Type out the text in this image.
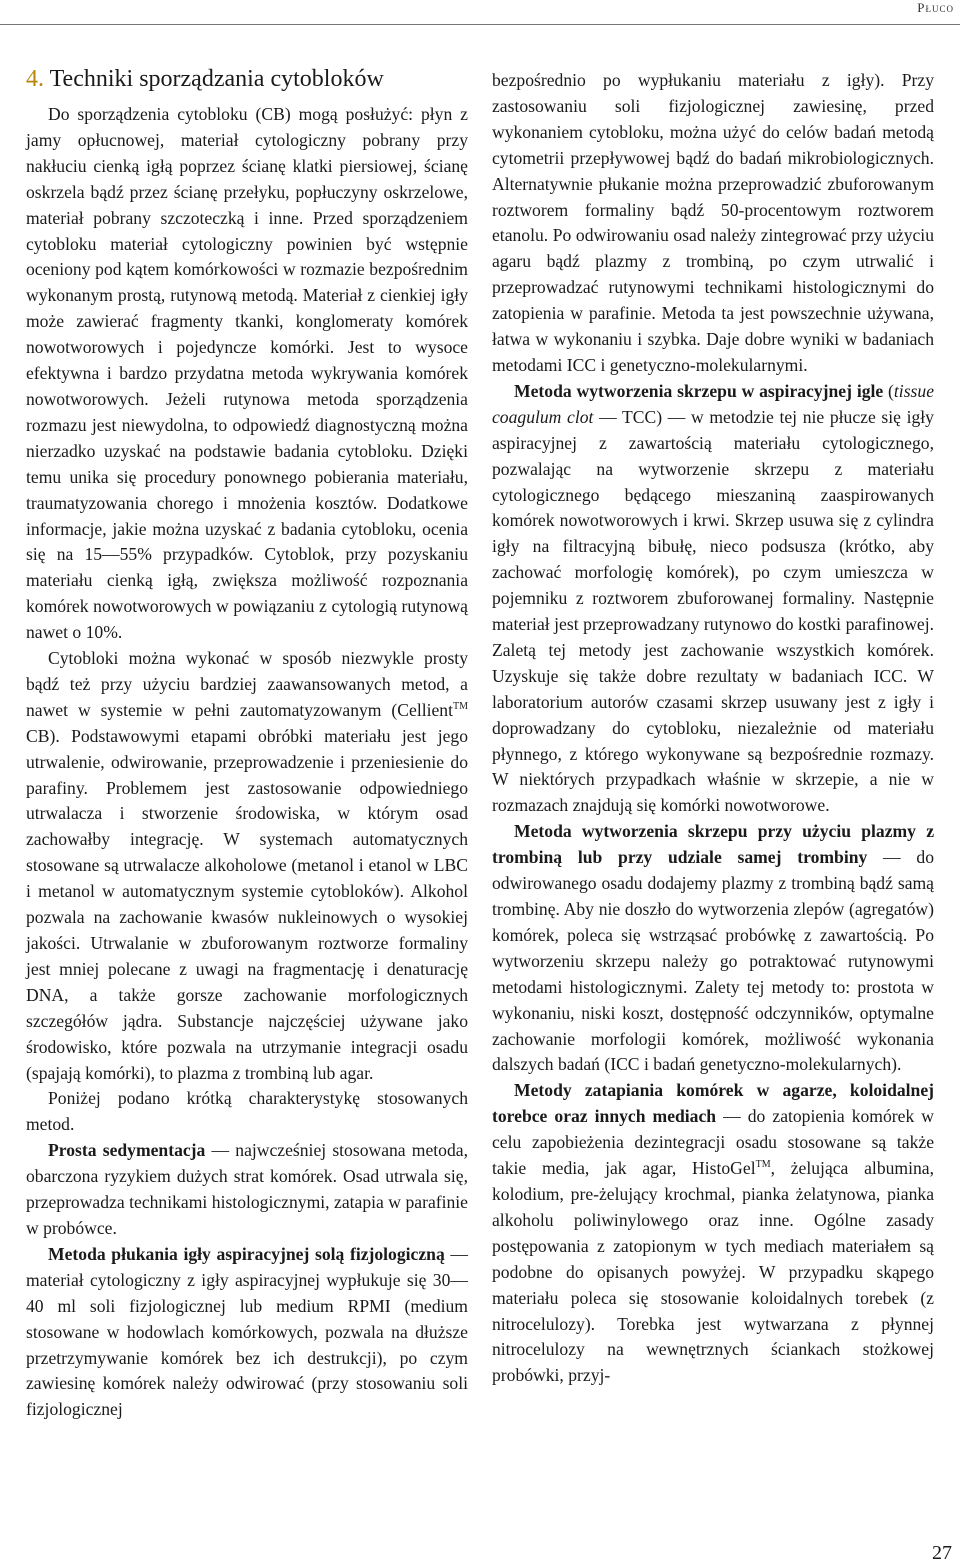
Płuco
4. Techniki sporządzania cytobloków

Do sporządzenia cytobloku (CB) mogą posłużyć: płyn z jamy opłucnowej, materiał cytologiczny pobrany przy nakłuciu cienką igłą poprzez ścianę klatki piersiowej, ścianę oskrzela bądź przez ścianę przełyku, popłuczyny oskrzelowe, materiał pobrany szczoteczką i inne. Przed sporządzeniem cytobloku materiał cytologiczny powinien być wstępnie oceniony pod kątem komórkowości w rozmazie bezpośrednim wykonanym prostą, rutynową metodą. Materiał z cienkiej igły może zawierać fragmenty tkanki, konglomeraty komórek nowotworowych i pojedyncze komórki. Jest to wysoce efektywna i bardzo przydatna metoda wykrywania komórek nowotworowych. Jeżeli rutynowa metoda sporządzenia rozmazu jest niewydolna, to odpowiedź diagnostyczną można nierzadko uzyskać na podstawie badania cytobloku. Dzięki temu unika się procedury ponownego pobierania materiału, traumatyzowania chorego i mnożenia kosztów. Dodatkowe informacje, jakie można uzyskać z badania cytobloku, ocenia się na 15—55% przypadków. Cytoblok, przy pozyskaniu materiału cienką igłą, zwiększa możliwość rozpoznania komórek nowotworowych w powiązaniu z cytologią rutynową nawet o 10%.

Cytobloki można wykonać w sposób niezwykle prosty bądź też przy użyciu bardziej zaawansowanych metod, a nawet w systemie w pełni zautomatyzowanym (Cellient™ CB). Podstawowymi etapami obróbki materiału jest jego utrwalenie, odwirowanie, przeprowadzenie i przeniesienie do parafiny. Problemem jest zastosowanie odpowiedniego utrwalacza i stworzenie środowiska, w którym osad zachowałby integrację. W systemach automatycznych stosowane są utrwalacze alkoholowe (metanol i etanol w LBC i metanol w automatycznym systemie cytobloków). Alkohol pozwala na zachowanie kwasów nukleinowych o wysokiej jakości. Utrwalanie w zbuforowanym roztworze formaliny jest mniej polecane z uwagi na fragmentację i denaturację DNA, a także gorsze zachowanie morfologicznych szczegółów jądra. Substancje najczęściej używane jako środowisko, które pozwala na utrzymanie integracji osadu (spajają komórki), to plazma z trombiną lub agar.

Poniżej podano krótką charakterystykę stosowanych metod.

Prosta sedymentacja — najwcześniej stosowana metoda, obarczona ryzykiem dużych strat komórek. Osad utrwala się, przeprowadza technikami histologicznymi, zatapia w parafinie w probówce.

Metoda płukania igły aspiracyjnej solą fizjologiczną — materiał cytologiczny z igły aspiracyjnej wypłukuje się 30—40 ml soli fizjologicznej lub medium RPMI (medium stosowane w hodowlach komórkowych, pozwala na dłuższe przetrzymywanie komórek bez ich destrukcji), po czym zawiesinę komórek należy odwirować (przy stosowaniu soli fizjologicznej

bezpośrednio po wypłukaniu materiału z igły). Przy zastosowaniu soli fizjologicznej zawiesinę, przed wykonaniem cytobloku, można użyć do celów badań metodą cytometrii przepływowej bądź do badań mikrobiologicznych. Alternatywnie płukanie można przeprowadzić zbuforowanym roztworem formaliny bądź 50-procentowym roztworem etanolu. Po odwirowaniu osad należy zintegrować przy użyciu agaru bądź plazmy z trombiną, po czym utrwalić i przeprowadzać rutynowymi technikami histologicznymi do zatopienia w parafinie. Metoda ta jest powszechnie używana, łatwa w wykonaniu i szybka. Daje dobre wyniki w badaniach metodami ICC i genetyczno-molekularnymi.

Metoda wytworzenia skrzepu w aspiracyjnej igle (tissue coagulum clot — TCC) — w metodzie tej nie płucze się igły aspiracyjnej z zawartością materiału cytologicznego, pozwalając na wytworzenie skrzepu z materiału cytologicznego będącego mieszaniną zaaspirowanych komórek nowotworowych i krwi. Skrzep usuwa się z cylindra igły na filtracyjną bibułę, nieco podsusza (krótko, aby zachować morfologię komórek), po czym umieszcza w pojemniku z roztworem zbuforowanej formaliny. Następnie materiał jest przeprowadzany rutynowo do kostki parafinowej. Zaletą tej metody jest zachowanie wszystkich komórek. Uzyskuje się także dobre rezultaty w badaniach ICC. W laboratorium autorów czasami skrzep usuwany jest z igły i doprowadzany do cytobloku, niezależnie od materiału płynnego, z którego wykonywane są bezpośrednie rozmazy. W niektórych przypadkach właśnie w skrzepie, a nie w rozmazach znajdują się komórki nowotworowe.

Metoda wytworzenia skrzepu przy użyciu plazmy z trombiną lub przy udziale samej trombiny — do odwirowanego osadu dodajemy plazmy z trombiną bądź samą trombinę. Aby nie doszło do wytworzenia zlepów (agregatów) komórek, poleca się wstrząsać probówkę z zawartością. Po wytworzeniu skrzepu należy go potraktować rutynowymi metodami histologicznymi. Zalety tej metody to: prostota w wykonaniu, niski koszt, dostępność odczynników, optymalne zachowanie morfologii komórek, możliwość wykonania dalszych badań (ICC i badań genetyczno-molekularnych).

Metody zatapiania komórek w agarze, koloidalnej torebce oraz innych mediach — do zatopienia komórek w celu zapobieżenia dezintegracji osadu stosowane są także takie media, jak agar, HistoGel™, żelująca albumina, kolodium, pre-żelujący krochmal, pianka żelatynowa, pianka alkoholu poliwinylowego oraz inne. Ogólne zasady postępowania z zatopionym w tych mediach materiałem są podobne do opisanych powyżej. W przypadku skąpego materiału poleca się stosowanie koloidalnych torebek (z nitrocelulozy). Torebka jest wytwarzana z płynnej nitrocelulozy na wewnętrznych ściankach stożkowej probówki, przyj-

27
